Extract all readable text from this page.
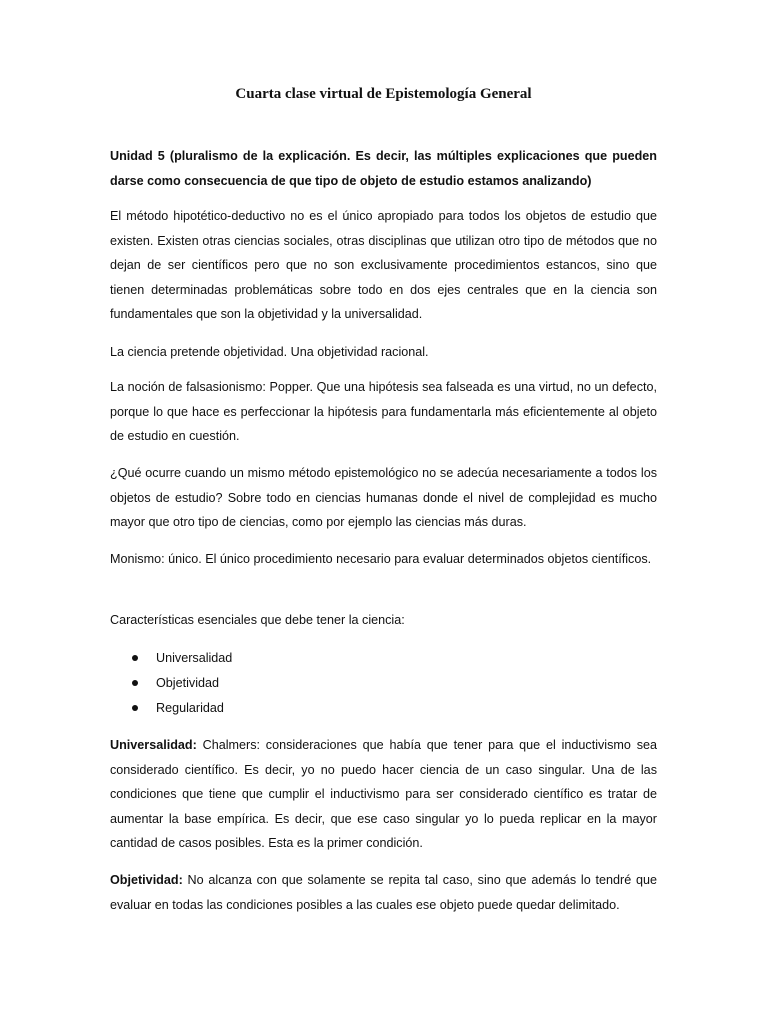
Cuarta clase virtual de Epistemología General

Unidad 5 (pluralismo de la explicación. Es decir, las múltiples explicaciones que pueden darse como consecuencia de que tipo de objeto de estudio estamos analizando)

El método hipotético-deductivo no es el único apropiado para todos los objetos de estudio que existen. Existen otras ciencias sociales, otras disciplinas que utilizan otro tipo de métodos que no dejan de ser científicos pero que no son exclusivamente procedimientos estancos, sino que tienen determinadas problemáticas sobre todo en dos ejes centrales que en la ciencia son fundamentales que son la objetividad y la universalidad.

La ciencia pretende objetividad. Una objetividad racional.

La noción de falsasionismo: Popper. Que una hipótesis sea falseada es una virtud, no un defecto, porque lo que hace es perfeccionar la hipótesis para fundamentarla más eficientemente al objeto de estudio en cuestión.

¿Qué ocurre cuando un mismo método epistemológico no se adecúa necesariamente a todos los objetos de estudio? Sobre todo en ciencias humanas donde el nivel de complejidad es mucho mayor que otro tipo de ciencias, como por ejemplo las ciencias más duras.

Monismo: único. El único procedimiento necesario para evaluar determinados objetos científicos.

Características esenciales que debe tener la ciencia:

Universalidad
Objetividad
Regularidad

Universalidad: Chalmers: consideraciones que había que tener para que el inductivismo sea considerado científico. Es decir, yo no puedo hacer ciencia de un caso singular. Una de las condiciones que tiene que cumplir el inductivismo para ser considerado científico es tratar de aumentar la base empírica. Es decir, que ese caso singular yo lo pueda replicar en la mayor cantidad de casos posibles. Esta es la primer condición.

Objetividad: No alcanza con que solamente se repita tal caso, sino que además lo tendré que evaluar en todas las condiciones posibles a las cuales ese objeto puede quedar delimitado.
